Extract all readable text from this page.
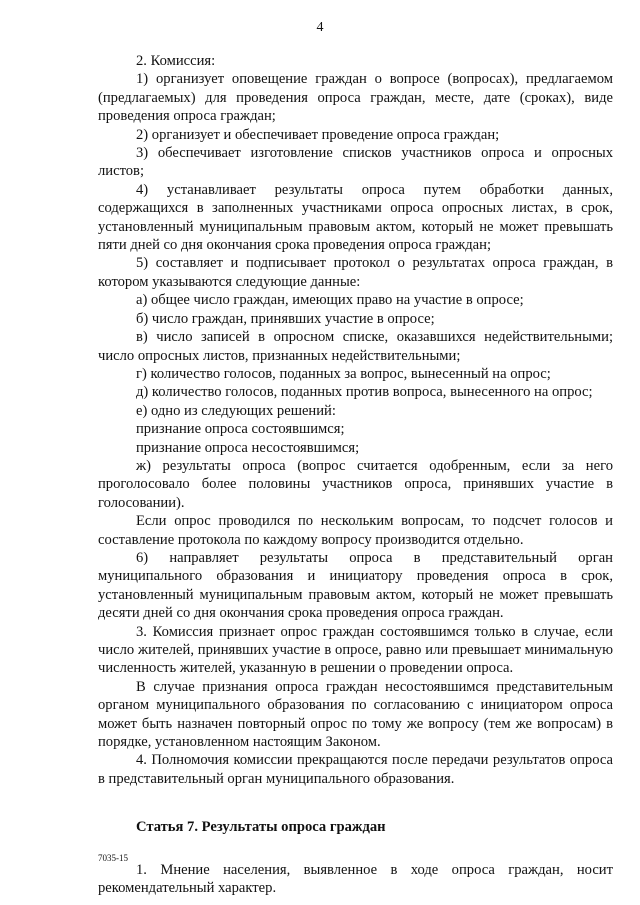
4

2. Комиссия:

1) организует оповещение граждан о вопросе (вопросах), предлагаемом (предлагаемых) для проведения опроса граждан, месте, дате (сроках), виде проведения опроса граждан;

2) организует и обеспечивает проведение опроса граждан;

3) обеспечивает изготовление списков участников опроса и опросных листов;

4) устанавливает результаты опроса путем обработки данных, содержащихся в заполненных участниками опроса опросных листах, в срок, установленный муниципальным правовым актом, который не может превышать пяти дней со дня окончания срока проведения опроса граждан;

5) составляет и подписывает протокол о результатах опроса граждан, в котором указываются следующие данные:

а) общее число граждан, имеющих право на участие в опросе;

б) число граждан, принявших участие в опросе;

в) число записей в опросном списке, оказавшихся недействительными; число опросных листов, признанных недействительными;

г) количество голосов, поданных за вопрос, вынесенный на опрос;

д) количество голосов, поданных против вопроса, вынесенного на опрос;

е) одно из следующих решений:

признание опроса состоявшимся;

признание опроса несостоявшимся;

ж) результаты опроса (вопрос считается одобренным, если за него проголосовало более половины участников опроса, принявших участие в голосовании).

Если опрос проводился по нескольким вопросам, то подсчет голосов и составление протокола по каждому вопросу производится отдельно.

6) направляет результаты опроса в представительный орган муниципального образования и инициатору проведения опроса в срок, установленный муниципальным правовым актом, который не может превышать десяти дней со дня окончания срока проведения опроса граждан.

3. Комиссия признает опрос граждан состоявшимся только в случае, если число жителей, принявших участие в опросе, равно или превышает минимальную численность жителей, указанную в решении о проведении опроса.

В случае признания опроса граждан несостоявшимся представительным органом муниципального образования по согласованию с инициатором опроса может быть назначен повторный опрос по тому же вопросу (тем же вопросам) в порядке, установленном настоящим Законом.

4. Полномочия комиссии прекращаются после передачи результатов опроса в представительный орган муниципального образования.

Статья 7. Результаты опроса граждан

1. Мнение населения, выявленное в ходе опроса граждан, носит рекомендательный характер.

7035-15
